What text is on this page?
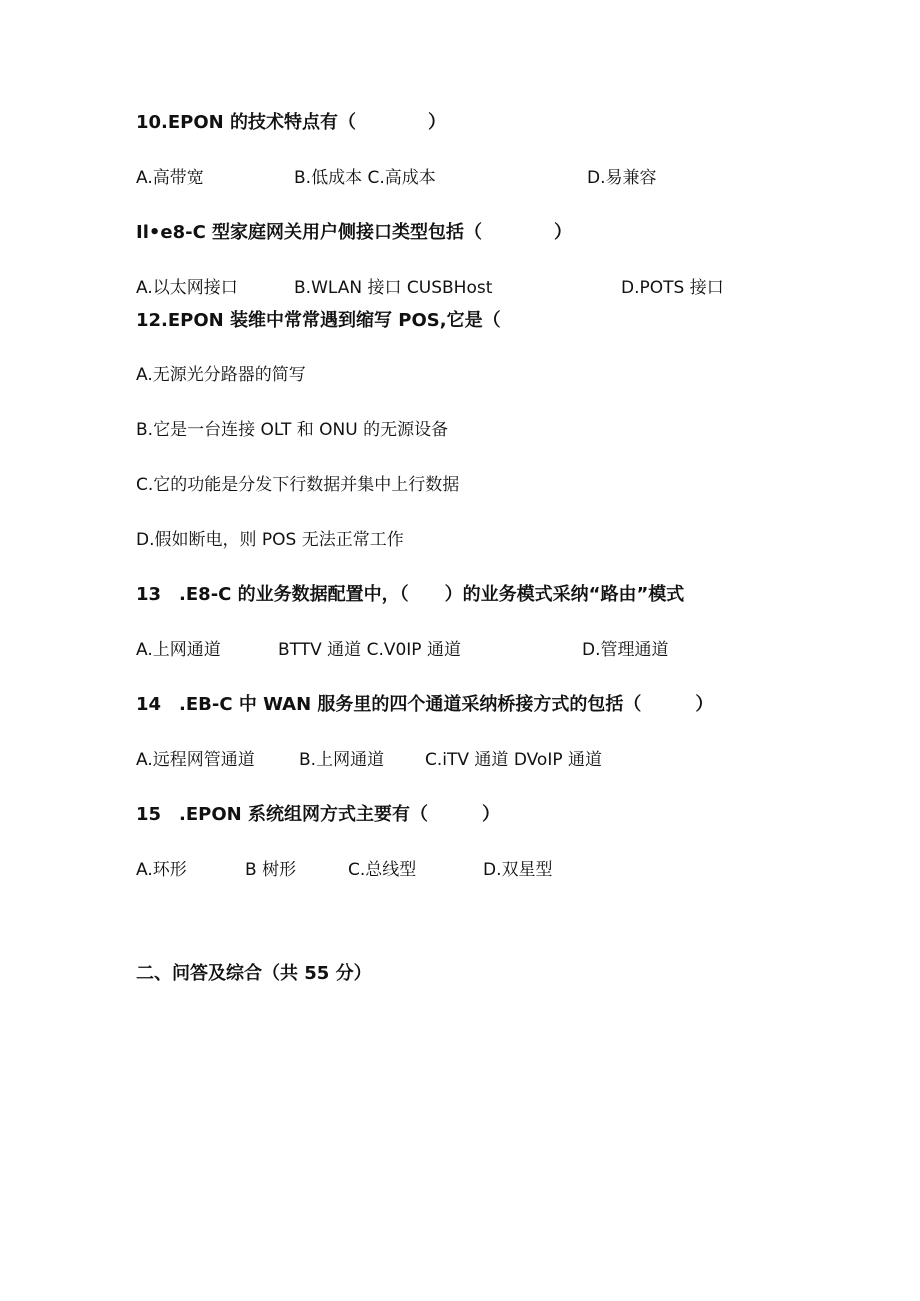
10.EPON 的技术特点有（　　　　）
A.高带宽	B.低成本 C.高成本	D.易兼容
Il•e8-C 型家庭网关用户侧接口类型包括（　　　　）
A.以太网接口	B.WLAN 接口 CUSBHost	D.POTS 接口
12.EPON 装维中常常遇到缩写 POS,它是（
A.无源光分路器的简写
B.它是一台连接 OLT 和 ONU 的无源设备
C.它的功能是分发下行数据并集中上行数据
D.假如断电，则 POS 无法正常工作
13　.E8-C 的业务数据配置中，（　　）的业务模式采纳“路由”模式
A.上网通道	BTTV 通道 C.V0IP 通道	D.管理通道
14　.EB-C 中 WAN 服务里的四个通道采纳桥接方式的包括（　　　）
A.远程网管通道	B.上网通道 C.iTV 通道 DVoIP 通道
15　.EPON 系统组网方式主要有（　　　）
A.环形	B 树形	C.总线型	D.双星型
二、问答及综合（共 55 分）
